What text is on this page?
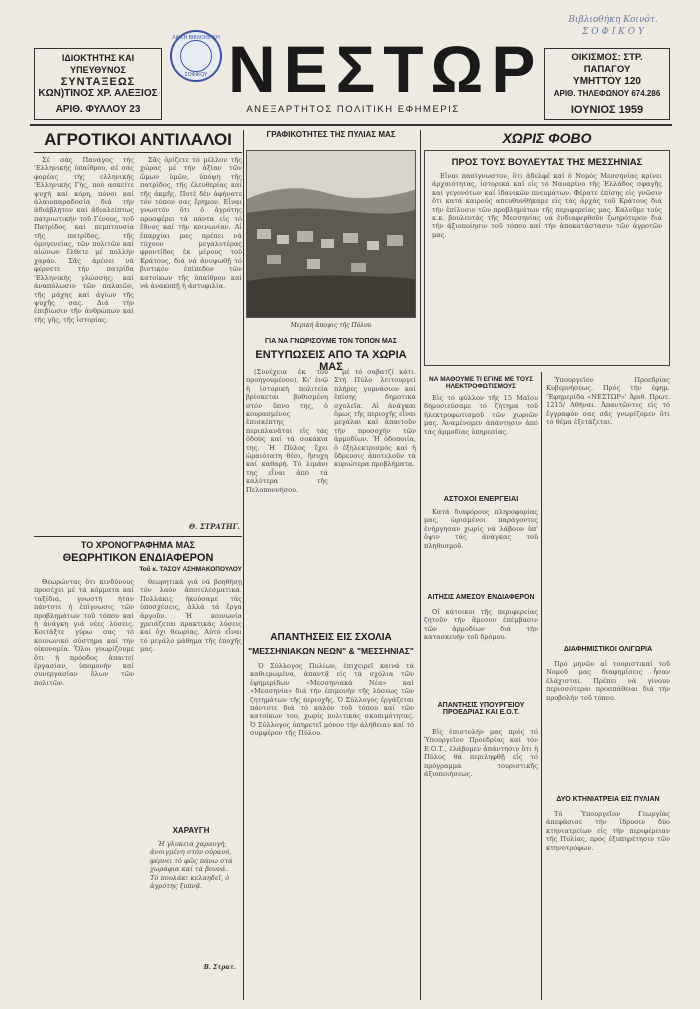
Βιβλιοθήκη Κοινότ.
Σ Ο Φ Ι Κ Ο Υ
ΙΔΙΟΚΤΗΤΗΣ ΚΑΙ ΥΠΕΥΘΥΝΟΣ
ΣΥΝΤΑΞΕΩΣ
ΚΩΝ)ΤΙΝΟΣ ΧΡ. ΑΛΕΞΙΟΣ
ΑΡΙΘ. ΦΥΛΛΟΥ 23
ΛΑΙΚΗ ΒΙΒΛΙΟΘΗΚΗ
ΣΟΦΙΚΟΥ ΝΕΣΤΩΡ
ΑΝΕΞΑΡΤΗΤΟΣ ΠΟΛΙΤΙΚΗ ΕΦΗΜΕΡΙΣ
ΟΙΚΙΣΜΟΣ: ΣΤΡ. ΠΑΠΑΓΟΥ
ΥΜΗΤΤΟΥ 120
ΑΡΙΘ. ΤΗΛΕΦΩΝΟΥ 674.286
ΙΟΥΝΙΟΣ 1959
ΑΓΡΟΤΙΚΟΙ ΑΝΤΙΛΑΛΟΙ

Σέ σάς Πανάγος τής 'Ελληνικής ὑπαίθρου, σέ σάς φορέας τής ελληνικής 'Ελληνικής Γής, πού ασκείτε ψυχή καί κόρη, πόνοι καί ἀλαιοπαραδοσία διά τήν ἀδιάβλητον καί ἀδιαλείπτως πατριωτικήν τοῦ Γένους, τοῦ Πατρίδος καί πεμπτουσία τῆς πατρίδος, τῆς ὁμογενείας, τῶν πολιτῶν καί αἰώνων ἔλθετε μέ πολλὴν χαράν. Σᾶς ἀρέσει νά φέρνετε τήν πατρίδα 'Ελληνικής γλώσσης; καί ἀναπόλωσιν τῶν παλαιῶν, τῆς μάχης καί ἁγίων τῆς ψυχῆς σας. Διά τήν ἐπιβίωσιν τῆν ἀνθρώπων καί τῆς γῆς, τῆς ἱστορίας.

Σᾶς ὀρίζετε τό μέλλον τῆς χώρας μέ τήν ἀξίαν τῶν ὤμων ὑμῶν, ὑπόψη τῆς πατρίδος, τῆς ἐλευθερίας καί τῆς ἀκμῆς. Ποτέ δέν ἀφήνατε τόν τόπον σας ἔρημον. Εἶναι γνωστόν ὅτι ὁ ἀγρότης προσφέρει τά πάντα εἰς τό ἔθνος καί τήν κοινωνίαν. Αἱ ἐπαρχίαι μας πρέπει νά τύχουν μεγαλυτέρας φροντίδος ἐκ μέρους τοῦ Κράτους, διά νά ἀνυψωθῇ τό βιοτικόν ἐπίπεδον τῶν κατοίκων τῆς ὑπαίθρου καί νά ἀνακοπῇ ἡ ἀστυφιλία.

Θ. ΣΤΡΑΤΗΓ.
ΓΡΑΦΙΚΟΤΗΤΕΣ ΤΗΣ ΠΥΛΙΑΣ ΜΑΣ
Μερική ἄποψις τῆς Πύλου
ΓΙΑ ΝΑ ΓΝΩΡΙΣΟΥΜΕ ΤΟΝ ΤΟΠΟΝ ΜΑΣ
ΕΝΤΥΠΩΣΕΙΣ ΑΠΟ ΤΑ ΧΩΡΙΑ ΜΑΣ

(Συνέχεια ἐκ τοῦ προηγουμένου). Κι' ἐνῷ ἡ ἱστορική πολιτεία βρίσκεται βυθισμένη στόν ὕπνο της, ὁ κουρασμένος ἐπισκέπτης περιπλανᾶται εἰς τάς ὁδούς καί τά σοκάκια της. Ἡ Πύλος ἔχει ὡραιότατη θέσι, ἥσυχη καί καθαρή. Τό λιμάνι της εἶναι ἀπό τά καλύτερα τῆς Πελοποννήσου.

μέ τό σαβατζί κάτι. Στή Πύλο λειτουργεί πλήρες γυμνάσιον καί ἐπίσης δημοτικά σχολεῖα. Αἱ ἀνάγκαι ὅμως τῆς περιοχῆς εἶναι μεγάλαι καί ἀπαιτοῦν τήν προσοχήν τῶν ἁρμοδίων. Ἡ ὁδοποιία, ὁ ἐξηλεκτρισμός καί ἡ ὕδρευσις ἀποτελοῦν τά κυριώτερα προβλήματα.

ΧΩΡΙΣ ΦΟΒΟ
ΠΡΟΣ ΤΟΥΣ ΒΟΥΛΕΥΤΑΣ ΤΗΣ ΜΕΣΣΗΝΙΑΣ

Εἶναι πασίγνωστον, ὅτι ἀδελφέ καί ὁ Νομός Μεσσηνίας κρίνει ἀρχαιότητας, ἱστορικά καί εἰς τό Ναυαρίνο τῆς Ἑλλάδος σφαγῆς καί γεγονότων καί ἰδανικῶν πνευμάτων. Φέρατε ἐπίσης εἰς γνῶσιν ὅτι κατά καιρούς απευθυνθήκαμε εἰς τάς ἀρχάς τοῦ Κράτους διά τήν ἐπίλυσιν τῶν προβλημάτων τῆς περιφερείας μας. Καλοῦμε τούς κ.κ. βουλευτάς τῆς Μεσσηνίας νά ἐνδιαφερθοῦν ζωηρότερον διά τήν ἀξιοποίησιν τοῦ τόπου καί τήν ἀποκατάστασιν τῶν ἀγροτῶν μας.

ΤΟ ΧΡΟΝΟΓΡΑΦΗΜΑ ΜΑΣ
ΘΕΩΡΗΤΙΚΟΝ ΕΝΔΙΑΦΕΡΟΝ
Τοῦ κ. ΤΑΣΟΥ ΑΣΗΜΑΚΟΠΟΥΛΟΥ

Θεωρώντας ὅτι κινδύνους προσέχει μέ τά κόμματα καί ταξίδια, γνωστή ήταν πάντοτε ἡ ἐπίγνωσις τῶν προβλημάτων τοῦ τόπου καί ἡ ἀνάγκη γιά νέες λύσεις. Κοιτάξτε γύρω σας τό κοινωνικό σύστημα καί τήν οἰκονομία. Ὅλοι γνωρίζουμε ὅτι ἡ πρόοδος ἀπαιτεί ἐργασίαν, ὑπομονήν καί συνεργασίαν ὅλων τῶν πολιτῶν.

θεωρητικά γιά νά βοηθήσῃ τόν λαόν ἀποτελεσματικά. Πολλάκις ἠκούσαμε τάς ὑποσχέσεις, ἀλλά τά ἔργα ἀργοῦν. Ἡ κοινωνία χρειάζεται πρακτικάς λύσεις καί ὄχι θεωρίας. Αὐτό εἶναι τό μεγάλο μάθημα τῆς ἐποχῆς μας.

ΧΑΡΑΥΓΗ

Ἡ γλυκειά χαραυγή, ἀνοιγμένη στόν οὐρανό, φέρνει τό φῶς πάνω στά χωράφια καί τά βουνά. Τό πουλάκι κελαηδεῖ, ὁ ἀγρότης ξυπνᾷ.

Β. Στρατ.
ΑΠΑΝΤΗΣΕΙΣ ΕΙΣ ΣΧΟΛΙΑ
"ΜΕΣΣΗΝΙΑΚΩΝ ΝΕΩΝ" & "ΜΕΣΣΗΝΙΑΣ"

Ὁ Σύλλογος Πυλίων, ἐπιχειρεῖ καινά τά καθιερωμένα, ἀπαντᾷ εἰς τά σχόλια τῶν ἐφημερίδων «Μεσσηνιακά Νέα» καί «Μεσσηνία» διά τήν ἐπιμονήν τῆς λύσεως τῶν ζητημάτων τῆς περιοχῆς. Ὁ Σύλλογος ἐργάζεται πάντοτε διά τό καλόν τοῦ τόπου καί τῶν κατοίκων του, χωρίς πολιτικάς σκοπιμότητας. Ὁ Σύλλογος ὑπηρετεῖ μόνον τήν ἀλήθειαν καί τό συμφέρον τῆς Πύλου.

ΝΑ ΜΑΘΟΥΜΕ ΤΙ ΕΓΙΝΕ ΜΕ ΤΟΥΣ ΗΛΕΚΤΡΟΦΩΤΙΣΜΟΥΣ

Εἰς τό φύλλον τῆς 15 Μαΐου δημοσιεύσαμε τό ζήτημα τοῦ ἠλεκτροφωτισμοῦ τῶν χωριῶν μας. Ἀναμένομεν ἀπάντησιν ἀπό τάς ἁρμοδίας ὑπηρεσίας.

ΑΣΤΟΧΟΙ ΕΝΕΡΓΕΙΑΙ

Κατά διαφόρους πληροφορίας μας, ὡρισμένοι παράγοντες ἐνήργησαν χωρίς νά λάβουν ὑπ' ὄψιν τάς ἀνάγκας τοῦ πληθυσμοῦ.

ΑΙΤΗΣΙΣ ΑΜΕΣΟΥ ΕΝΔΙΑΦΕΡΟΝ

Οἱ κάτοικοι τῆς περιφερείας ζητοῦν τήν ἄμεσον ἐπέμβασιν τῶν ἁρμοδίων διά τήν κατασκευήν τοῦ δρόμου.

ΑΠΑΝΤΗΣΙΣ ΥΠΟΥΡΓΕΙΟΥ ΠΡΟΕΔΡΙΑΣ ΚΑΙ Ε.Ο.Τ.

Εἰς ἐπιστολήν μας πρός τό Ὑπουργεῖον Προεδρίας καί τόν Ε.Ο.Τ., ἐλάβομεν ἀπάντησιν ὅτι ἡ Πύλος θά περιληφθῇ εἰς τό πρόγραμμα τουριστικῆς ἀξιοποιήσεως.

Ὑπουργεῖον Προεδρίας Κυβερνήσεως. Πρός τήν ἐφημ. 'Ἐφημερίδα «ΝΕΣΤΩΡ»' Ἀριθ. Πρωτ. 1215/ Αθήναι. Ἀπαντῶντες εἰς τό ἔγγραφόν σας σᾶς γνωρίζομεν ὅτι τό θέμα ἐξετάζεται.

ΔΙΑΦΗΜΙΣΤΙΚΟΙ ΟΛΙΓΩΡΙΑ

Πρό μηνῶν αἱ τουριστικαί τοῦ Νομοῦ μας διαφημίσεις ἦσαν ἐλάχισται. Πρέπει νά γίνουν περισσότεραι προσπάθειαι διά τήν προβολήν τοῦ τόπου.

ΔΥΟ ΚΤΗΝΙΑΤΡΕΙΑ ΕΙΣ ΠΥΛΙΑΝ

Τό Ὑπουργεῖον Γεωργίας ἀπεφάσισε τήν ἵδρυσιν δύο κτηνιατρείων εἰς τήν περιφέρειαν τῆς Πυλίας, πρός ἐξυπηρέτησιν τῶν κτηνοτρόφων.
